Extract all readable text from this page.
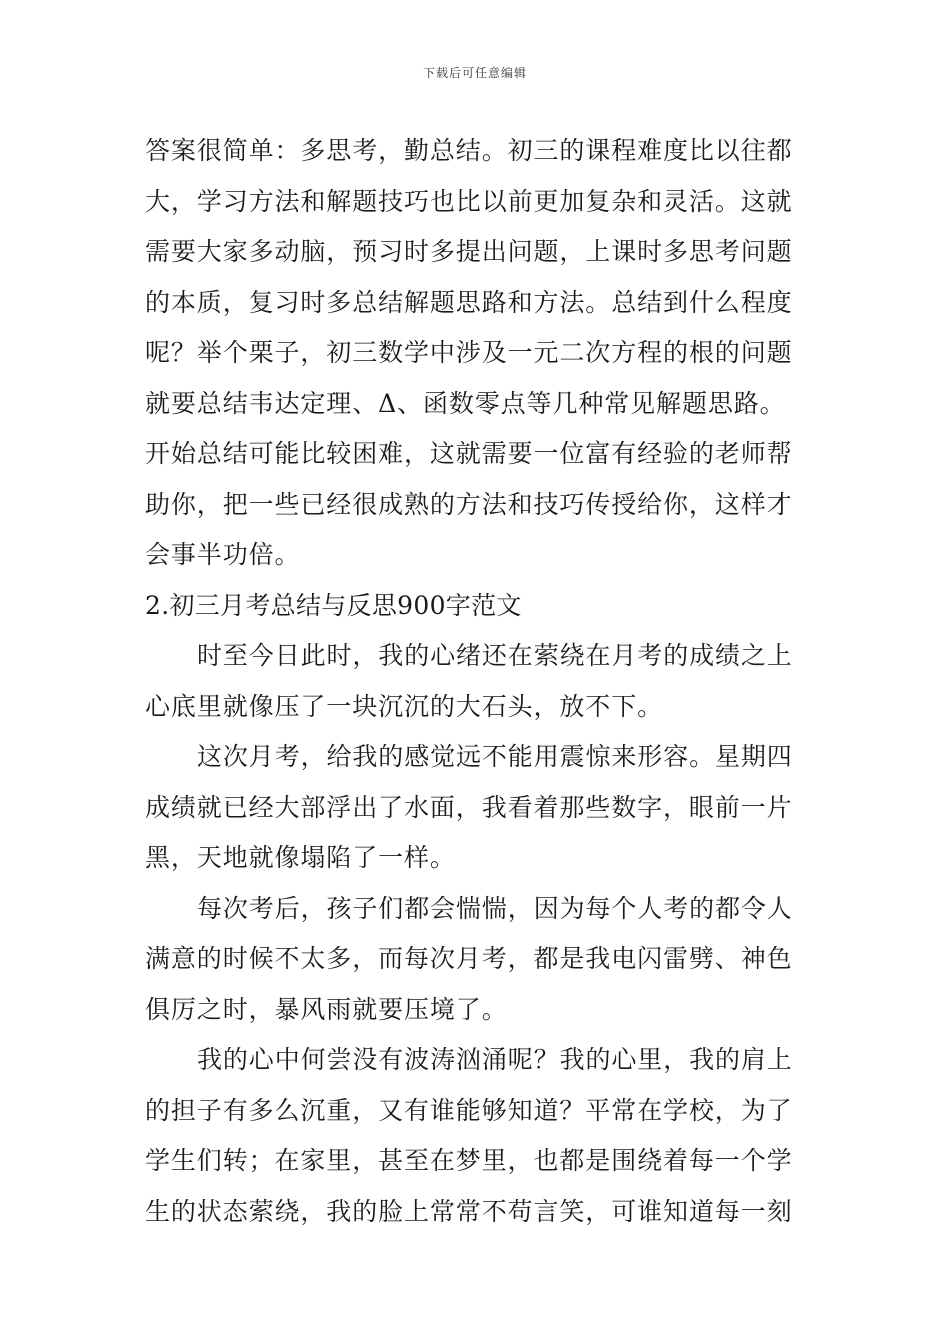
下载后可任意编辑
答案很简单：多思考，勤总结。初三的课程难度比以往都
大，学习方法和解题技巧也比以前更加复杂和灵活。这就
需要大家多动脑，预习时多提出问题，上课时多思考问题
的本质，复习时多总结解题思路和方法。总结到什么程度
呢？举个栗子，初三数学中涉及一元二次方程的根的问题
就要总结韦达定理、Δ、函数零点等几种常见解题思路。
开始总结可能比较困难，这就需要一位富有经验的老师帮
助你，把一些已经很成熟的方法和技巧传授给你，这样才
会事半功倍。
2.初三月考总结与反思900字范文
时至今日此时，我的心绪还在萦绕在月考的成绩之上
心底里就像压了一块沉沉的大石头，放不下。
这次月考，给我的感觉远不能用震惊来形容。星期四
成绩就已经大部浮出了水面，我看着那些数字，眼前一片
黑，天地就像塌陷了一样。
每次考后，孩子们都会惴惴，因为每个人考的都令人
满意的时候不太多，而每次月考，都是我电闪雷劈、神色
俱厉之时，暴风雨就要压境了。
我的心中何尝没有波涛汹涌呢？我的心里，我的肩上
的担子有多么沉重，又有谁能够知道？平常在学校，为了
学生们转；在家里，甚至在梦里，也都是围绕着每一个学
生的状态萦绕，我的脸上常常不苟言笑，可谁知道每一刻
